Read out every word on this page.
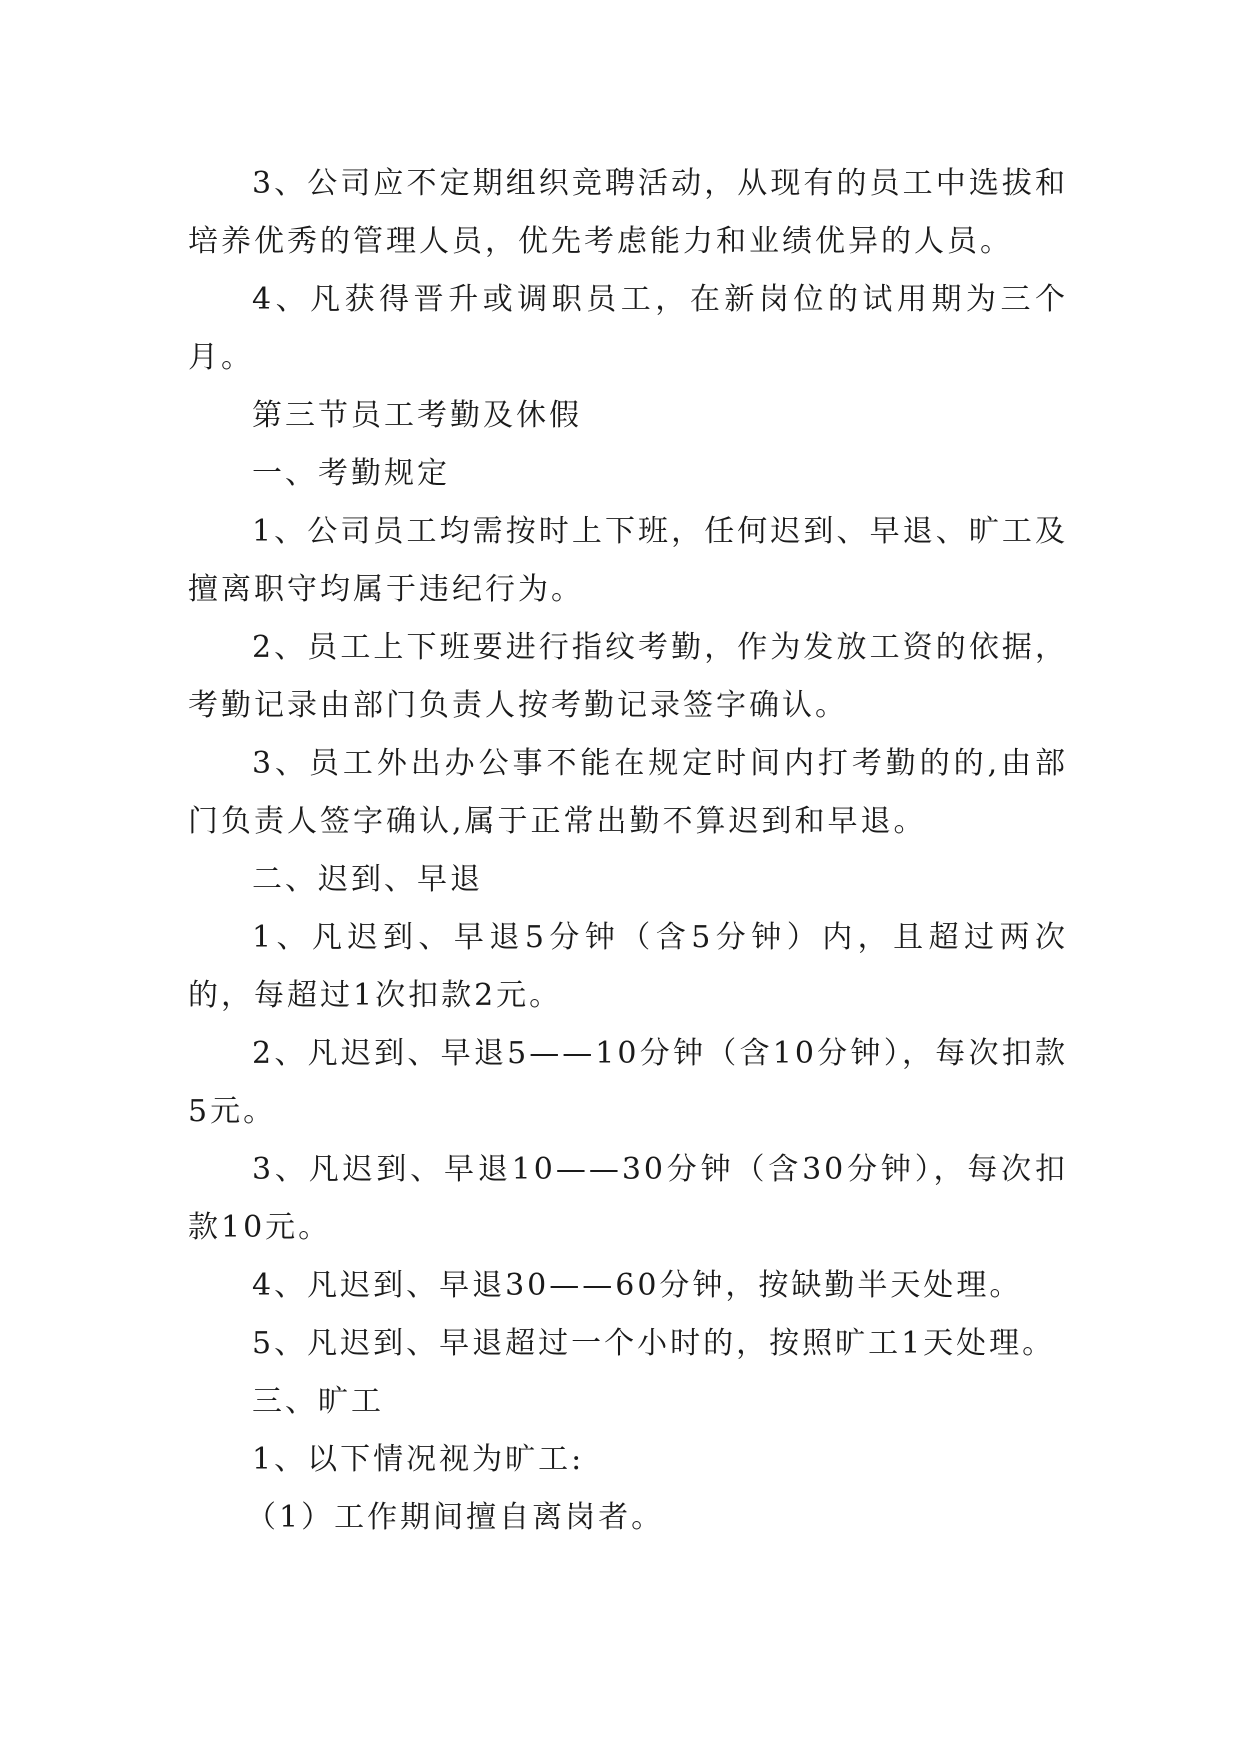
3、公司应不定期组织竞聘活动，从现有的员工中选拔和培养优秀的管理人员，优先考虑能力和业绩优异的人员。

4、凡获得晋升或调职员工，在新岗位的试用期为三个月。

第三节员工考勤及休假

一、考勤规定

1、公司员工均需按时上下班，任何迟到、早退、旷工及擅离职守均属于违纪行为。

2、员工上下班要进行指纹考勤，作为发放工资的依据，考勤记录由部门负责人按考勤记录签字确认。

3、员工外出办公事不能在规定时间内打考勤的的,由部门负责人签字确认,属于正常出勤不算迟到和早退。

二、迟到、早退

1、凡迟到、早退5分钟（含5分钟）内，且超过两次的，每超过1次扣款2元。

2、凡迟到、早退5——10分钟（含10分钟），每次扣款5元。

3、凡迟到、早退10——30分钟（含30分钟），每次扣款10元。

4、凡迟到、早退30——60分钟，按缺勤半天处理。

5、凡迟到、早退超过一个小时的，按照旷工1天处理。

三、旷工

1、以下情况视为旷工:

（1）工作期间擅自离岗者。
